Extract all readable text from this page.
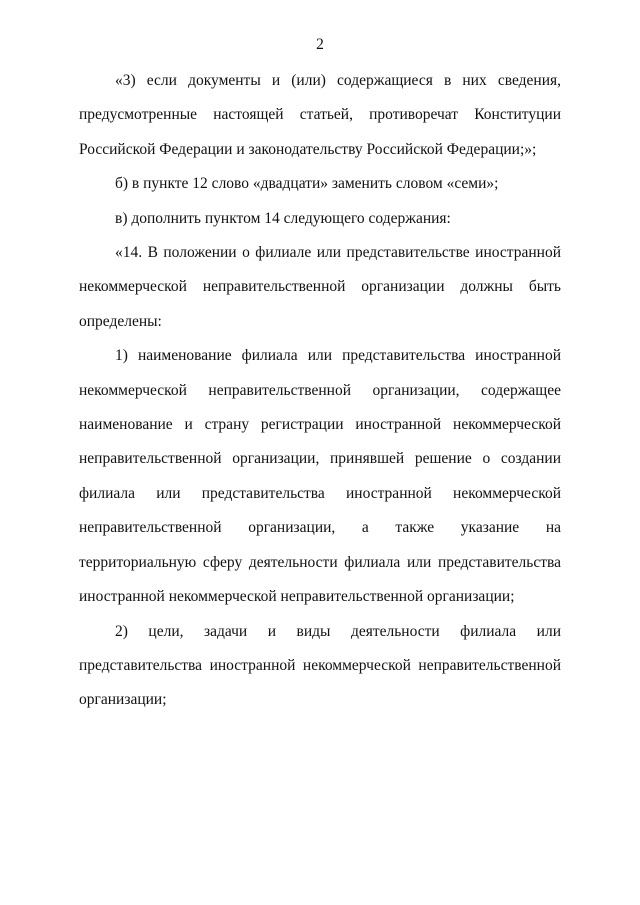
2

«3) если документы и (или) содержащиеся в них сведения, предусмотренные настоящей статьей, противоречат Конституции Российской Федерации и законодательству Российской Федерации;»;

б) в пункте 12 слово «двадцати» заменить словом «семи»;

в) дополнить пунктом 14 следующего содержания:

«14. В положении о филиале или представительстве иностранной некоммерческой неправительственной организации должны быть определены:

1) наименование филиала или представительства иностранной некоммерческой неправительственной организации, содержащее наименование и страну регистрации иностранной некоммерческой неправительственной организации, принявшей решение о создании филиала или представительства иностранной некоммерческой неправительственной организации, а также указание на территориальную сферу деятельности филиала или представительства иностранной некоммерческой неправительственной организации;

2) цели, задачи и виды деятельности филиала или представительства иностранной некоммерческой неправительственной организации;
